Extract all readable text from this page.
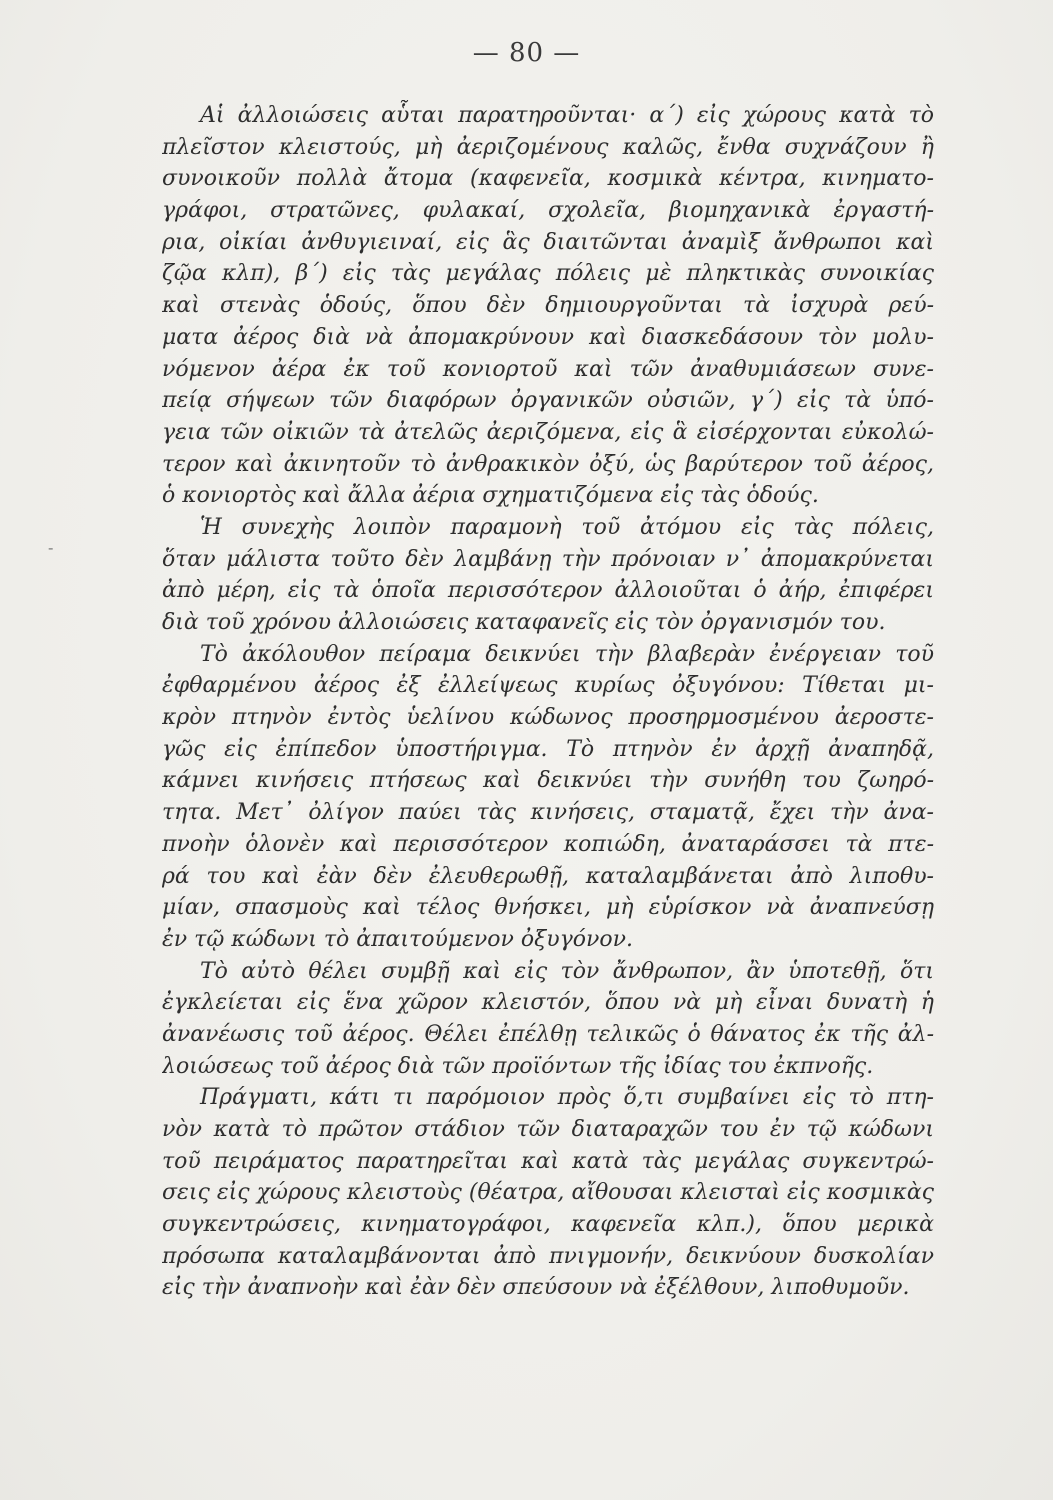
— 80 —
-
Αἱ ἀλλοιώσεις αὗται παρατηροῦνται· α΄) εἰς χώρους κατὰ τὸ
πλεῖστον κλειστούς, μὴ ἀεριζομένους καλῶς, ἔνθα συχνάζουν ἢ
συνοικοῦν πολλὰ ἄτομα (καφενεῖα, κοσμικὰ κέντρα, κινηματο-
γράφοι, στρατῶνες, φυλακαί, σχολεῖα, βιομηχανικὰ ἐργαστή-
ρια, οἰκίαι ἀνθυγιειναί, εἰς ἃς διαιτῶνται ἀναμὶξ ἄνθρωποι καὶ
ζῷα κλπ), β΄) εἰς τὰς μεγάλας πόλεις μὲ πληκτικὰς συνοικίας
καὶ στενὰς ὁδούς, ὅπου δὲν δημιουργοῦνται τὰ ἰσχυρὰ ρεύ-
ματα ἀέρος διὰ νὰ ἀπομακρύνουν καὶ διασκεδάσουν τὸν μολυ-
νόμενον ἀέρα ἐκ τοῦ κονιορτοῦ καὶ τῶν ἀναθυμιάσεων συνε-
πείᾳ σήψεων τῶν διαφόρων ὀργανικῶν οὐσιῶν, γ΄) εἰς τὰ ὑπό-
γεια τῶν οἰκιῶν τὰ ἀτελῶς ἀεριζόμενα, εἰς ἃ εἰσέρχονται εὐκολώ-
τερον καὶ ἀκινητοῦν τὸ ἀνθρακικὸν ὀξύ, ὡς βαρύτερον τοῦ ἀέρος,
ὁ κονιορτὸς καὶ ἄλλα ἀέρια σχηματιζόμενα εἰς τὰς ὁδούς.
Ἡ συνεχὴς λοιπὸν παραμονὴ τοῦ ἀτόμου εἰς τὰς πόλεις,
ὅταν μάλιστα τοῦτο δὲν λαμβάνῃ τὴν πρόνοιαν ν᾽ ἀπομακρύνεται
ἀπὸ μέρη, εἰς τὰ ὁποῖα περισσότερον ἀλλοιοῦται ὁ ἀήρ, ἐπιφέρει
διὰ τοῦ χρόνου ἀλλοιώσεις καταφανεῖς εἰς τὸν ὀργανισμόν του.
Τὸ ἀκόλουθον πείραμα δεικνύει τὴν βλαβερὰν ἐνέργειαν τοῦ
ἐφθαρμένου ἀέρος ἐξ ἐλλείψεως κυρίως ὀξυγόνου: Τίθεται μι-
κρὸν πτηνὸν ἐντὸς ὑελίνου κώδωνος προσηρμοσμένου ἀεροστε-
γῶς εἰς ἐπίπεδον ὑποστήριγμα. Τὸ πτηνὸν ἐν ἀρχῇ ἀναπηδᾷ,
κάμνει κινήσεις πτήσεως καὶ δεικνύει τὴν συνήθη του ζωηρό-
τητα. Μετ᾽ ὀλίγον παύει τὰς κινήσεις, σταματᾷ, ἔχει τὴν ἀνα-
πνοὴν ὁλονὲν καὶ περισσότερον κοπιώδη, ἀναταράσσει τὰ πτε-
ρά του καὶ ἐὰν δὲν ἐλευθερωθῇ, καταλαμβάνεται ἀπὸ λιποθυ-
μίαν, σπασμοὺς καὶ τέλος θνήσκει, μὴ εὑρίσκον νὰ ἀναπνεύσῃ
ἐν τῷ κώδωνι τὸ ἀπαιτούμενον ὀξυγόνον.
Τὸ αὐτὸ θέλει συμβῇ καὶ εἰς τὸν ἄνθρωπον, ἂν ὑποτεθῇ, ὅτι
ἐγκλείεται εἰς ἕνα χῶρον κλειστόν, ὅπου νὰ μὴ εἶναι δυνατὴ ἡ
ἀνανέωσις τοῦ ἀέρος. Θέλει ἐπέλθῃ τελικῶς ὁ θάνατος ἐκ τῆς ἀλ-
λοιώσεως τοῦ ἀέρος διὰ τῶν προϊόντων τῆς ἰδίας του ἐκπνοῆς.
Πράγματι, κάτι τι παρόμοιον πρὸς ὅ,τι συμβαίνει εἰς τὸ πτη-
νὸν κατὰ τὸ πρῶτον στάδιον τῶν διαταραχῶν του ἐν τῷ κώδωνι
τοῦ πειράματος παρατηρεῖται καὶ κατὰ τὰς μεγάλας συγκεντρώ-
σεις εἰς χώρους κλειστοὺς (θέατρα, αἴθουσαι κλεισταὶ εἰς κοσμικὰς
συγκεντρώσεις, κινηματογράφοι, καφενεῖα κλπ.), ὅπου μερικὰ
πρόσωπα καταλαμβάνονται ἀπὸ πνιγμονήν, δεικνύουν δυσκολίαν
εἰς τὴν ἀναπνοὴν καὶ ἐὰν δὲν σπεύσουν νὰ ἐξέλθουν, λιποθυμοῦν.
